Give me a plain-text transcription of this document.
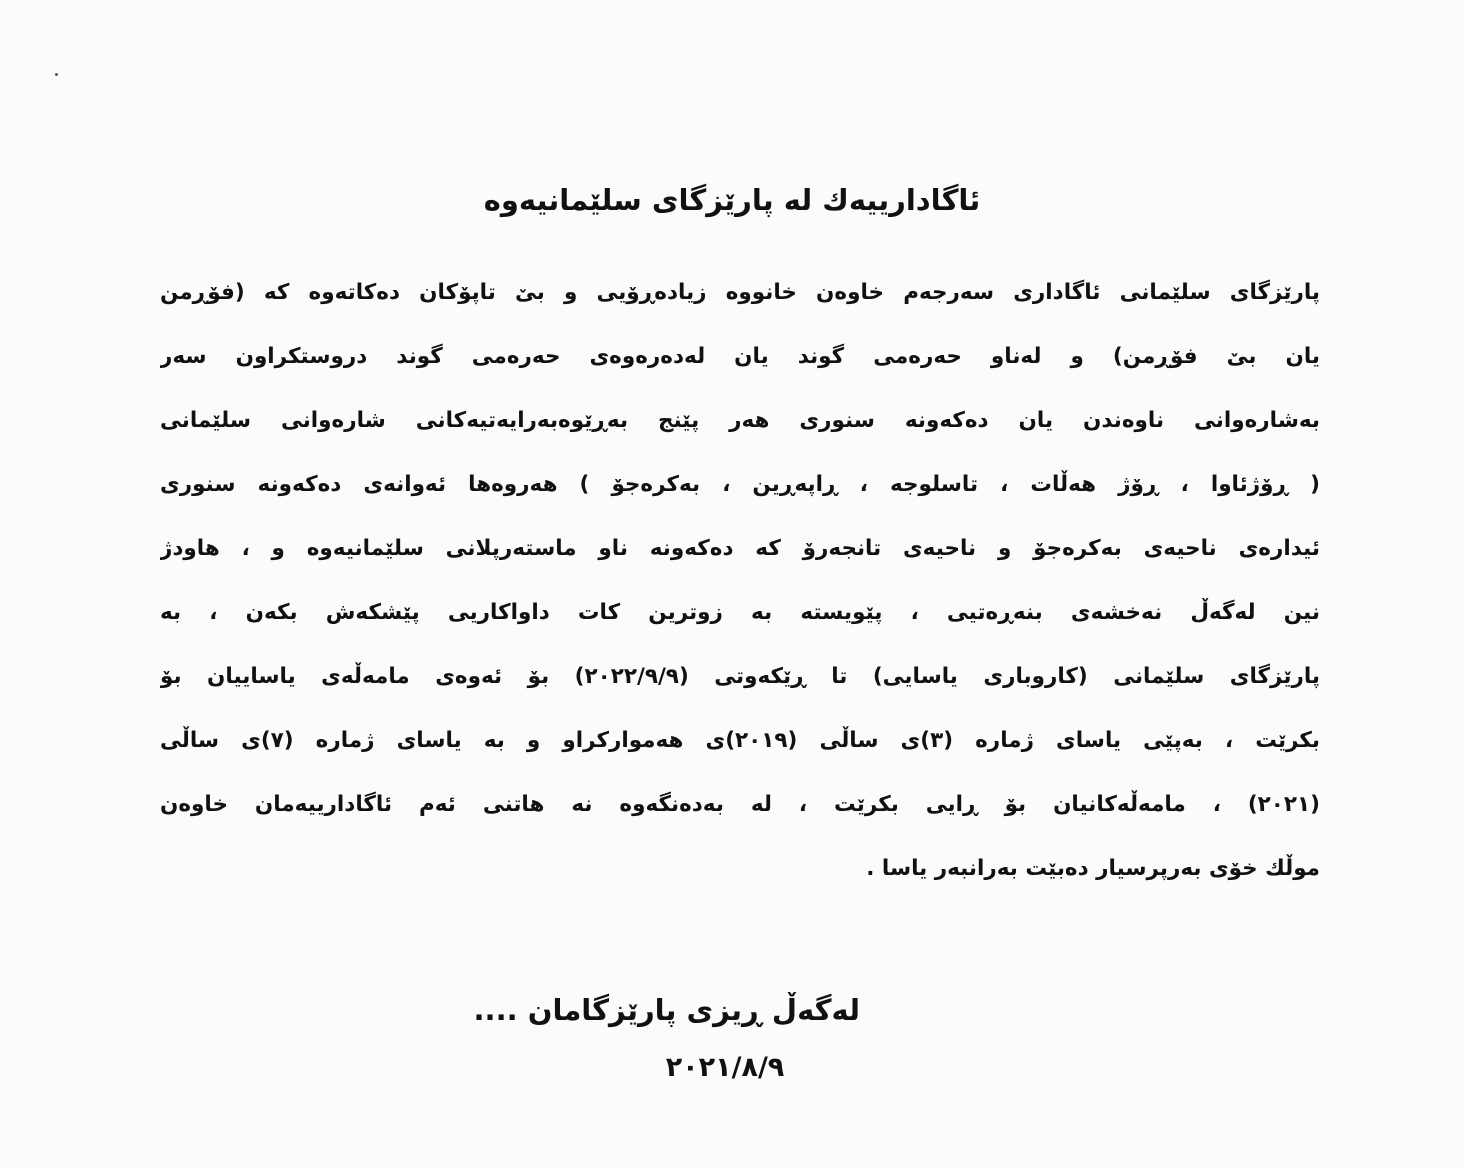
ئاگادارییەك لە پارێزگای سلێمانیەوە
پارێزگای سلێمانی ئاگاداری سەرجەم خاوەن خانووە زیادەڕۆیی و بێ تاپۆکان دەکاتەوە کە (فۆڕمن
یان بێ فۆڕمن) و لەناو حەرەمی گوند یان لەدەرەوەی حەرەمی گوند دروستکراون سەر
بەشارەوانی ناوەندن یان دەکەونە سنوری هەر پێنج بەڕێوەبەرایەتیەکانی شارەوانی سلێمانی
( ڕۆژئاوا ، ڕۆژ هەڵات ، تاسلوجە ، ڕاپەڕین ، بەکرەجۆ ) هەروەها ئەوانەی دەکەونە سنوری
ئیدارەی ناحیەی بەکرەجۆ و ناحیەی تانجەرۆ کە دەکەونە ناو ماستەرپلانی سلێمانیەوە و ، هاودژ
نین لەگەڵ نەخشەی بنەڕەتیی ، پێویستە بە زوترین کات داواکاریی پێشکەش بکەن ، بە
پارێزگای سلێمانی (کاروباری یاسایی) تا ڕێکەوتی (٢٠٢٢/٩/٩) بۆ ئەوەی مامەڵەی یاساییان بۆ
بکرێت ، بەپێی یاسای ژمارە (٣)ی ساڵی (٢٠١٩)ی هەموارکراو و بە یاسای ژمارە (٧)ی ساڵی
(٢٠٢١) ، مامەڵەکانیان بۆ ڕایی بکرێت ، لە بەدەنگەوە نە هاتنی ئەم ئاگادارییەمان خاوەن
موڵك خۆی بەرپرسیار دەبێت بەرانبەر یاسا .
لەگەڵ ڕیزی پارێزگامان ....
٢٠٢١/٨/٩
